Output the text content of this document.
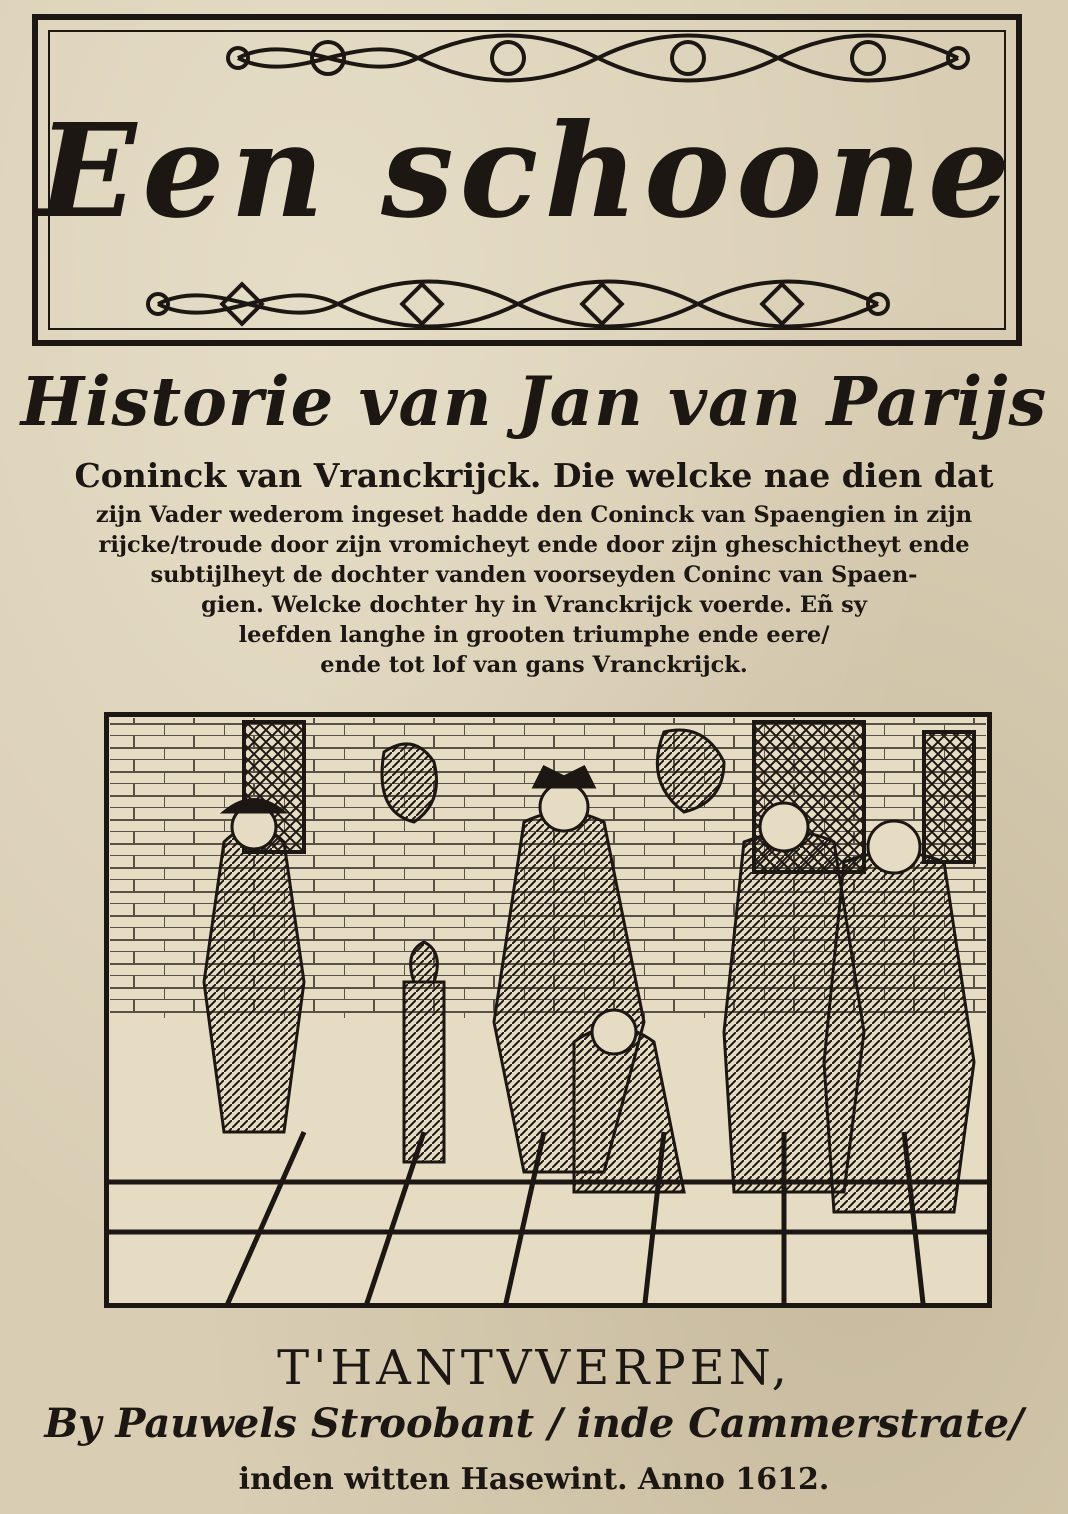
Een schoone
Historie van Jan van Parijs

Coninck van Vranckrijck. Die welcke nae dien dat

zijn Vader wederom ingeset hadde den Coninck van Spaengien in zijn

rijcke/troude door zijn vromicheyt ende door zijn gheschictheyt ende

subtijlheyt de dochter vanden voorseyden Coninc van Spaen-

gien. Welcke dochter hy in Vranckrijck voerde. Eñ sy

leefden langhe in grooten triumphe ende eere/

ende tot lof van gans Vranckrijck.

T'HANTVVERPEN,
By Pauwels Stroobant / inde Cammerstrate/
inden witten Hasewint. Anno 1612.
